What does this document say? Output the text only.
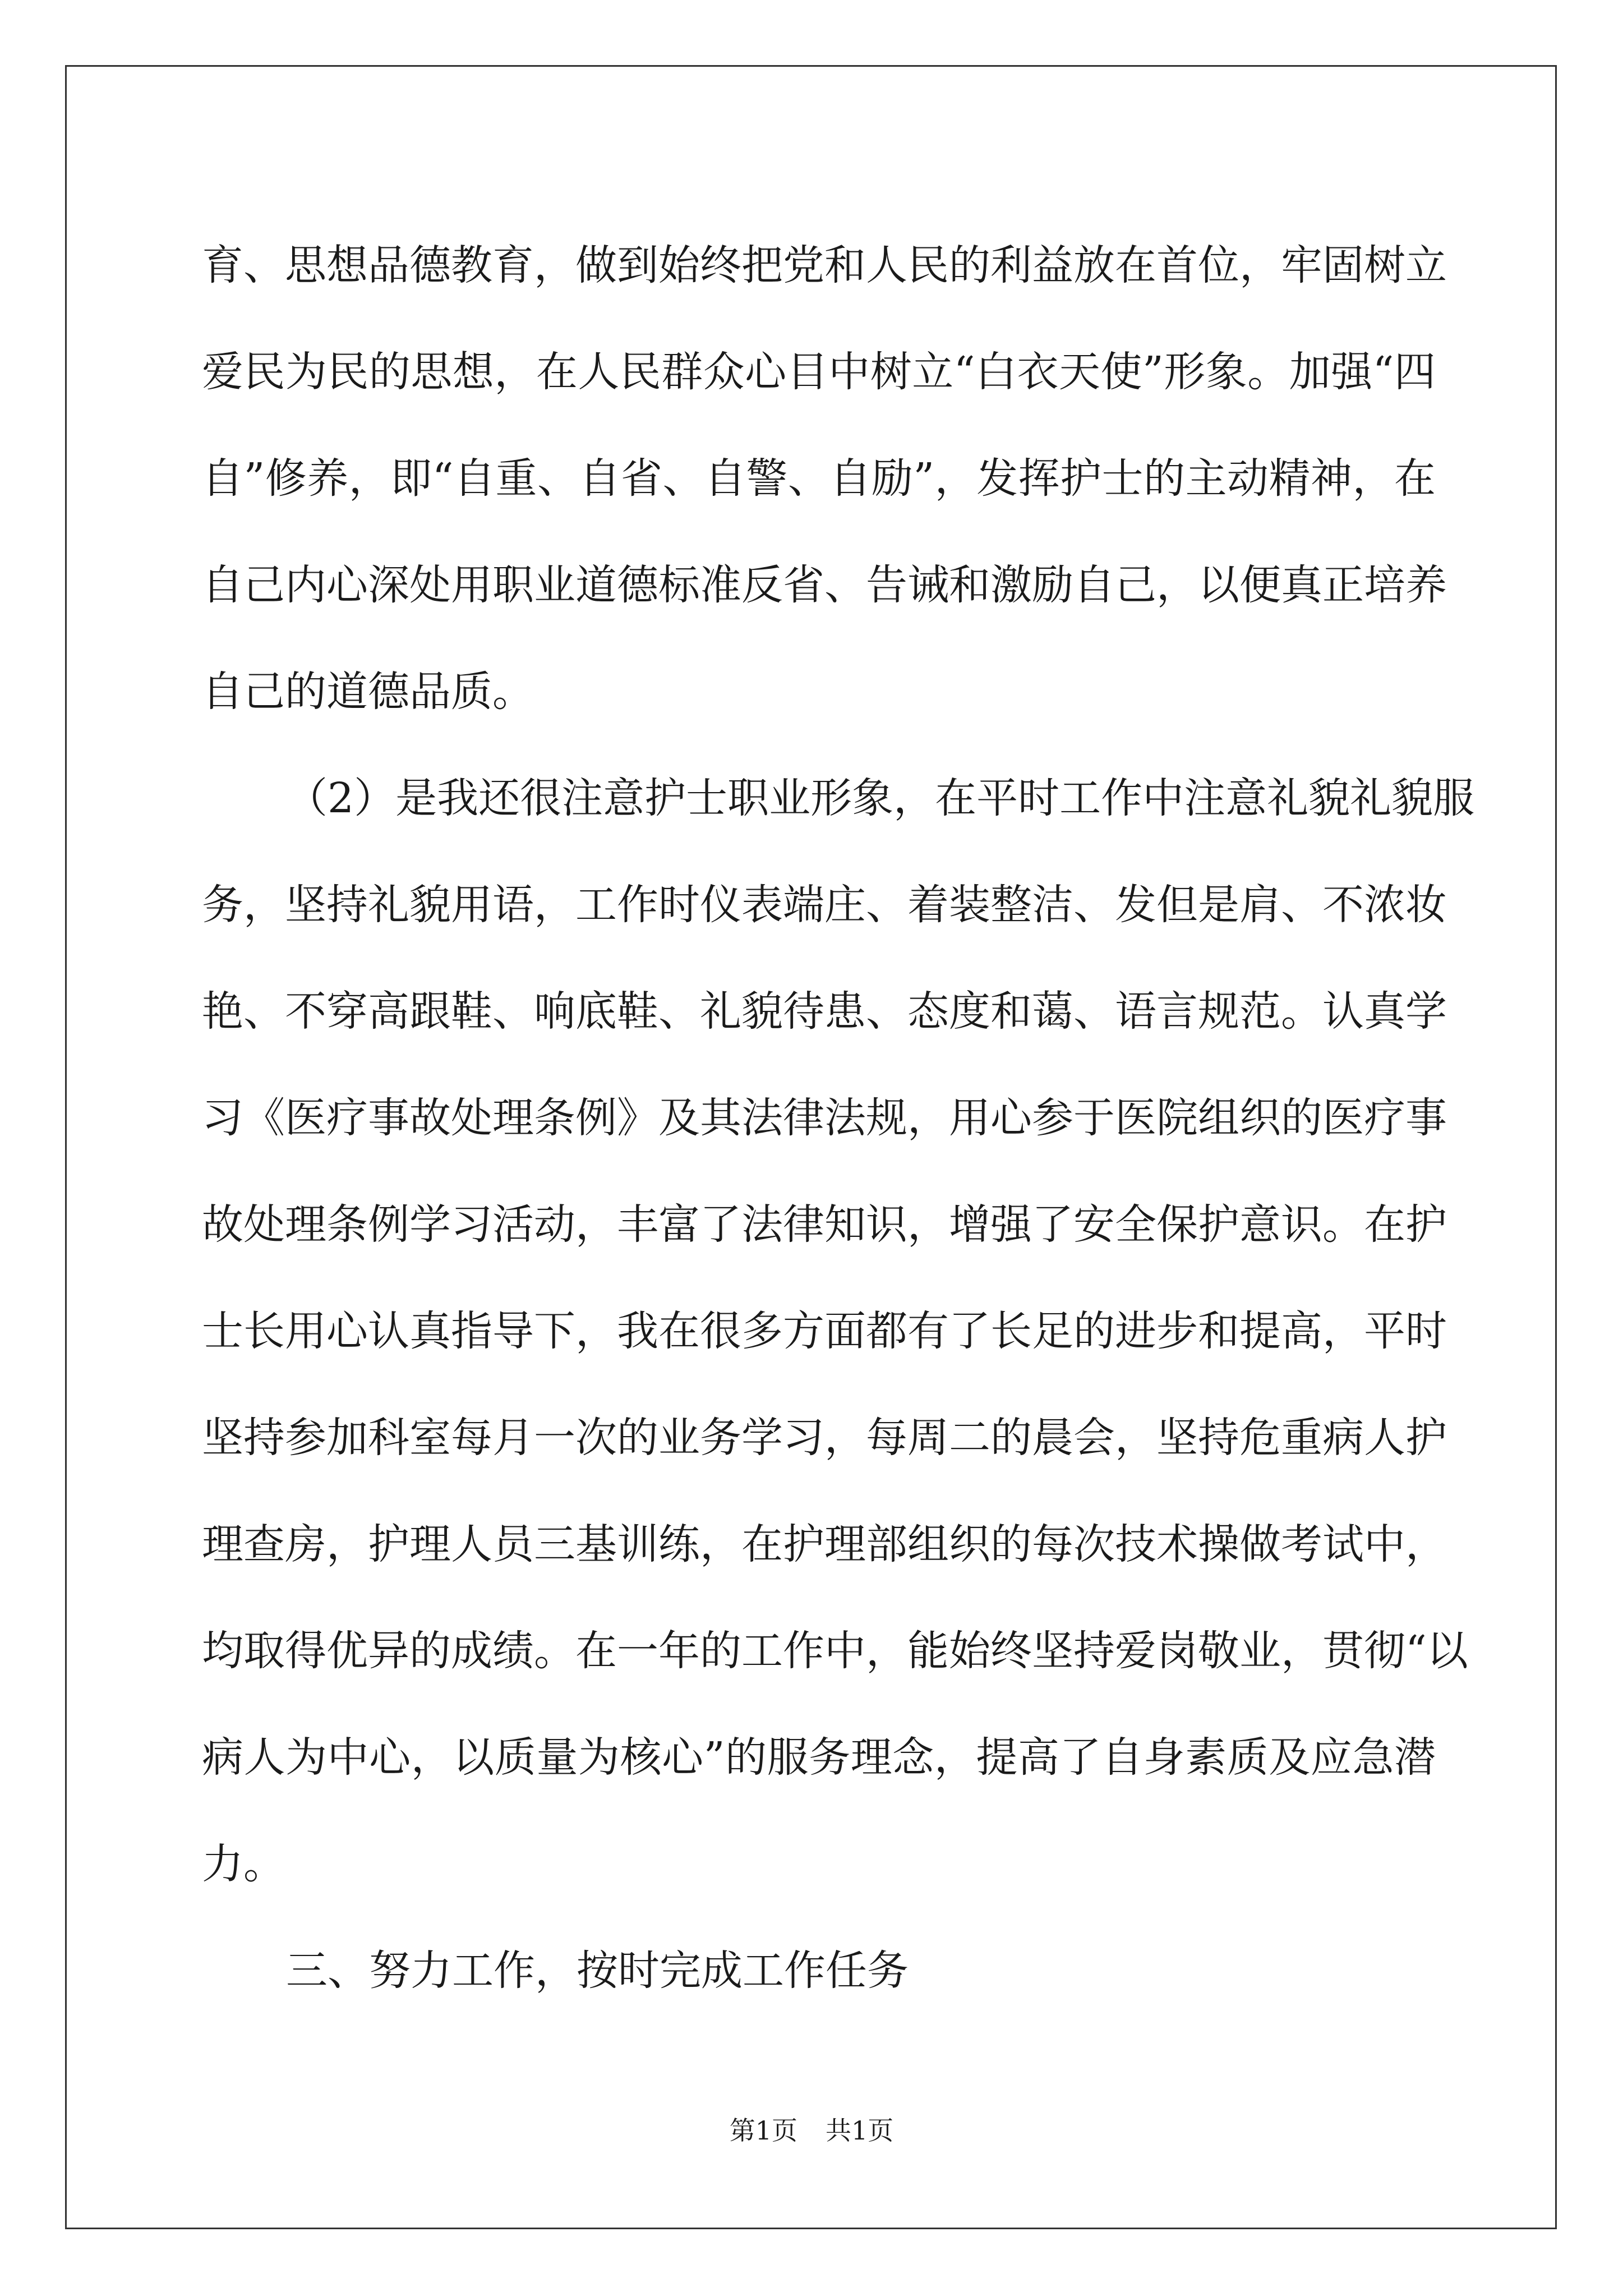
育、思想品德教育，做到始终把党和人民的利益放在首位，牢固树立
爱民为民的思想，在人民群众心目中树立“白衣天使”形象。加强“四
自”修养，即“自重、自省、自警、自励”，发挥护士的主动精神，在
自己内心深处用职业道德标准反省、告诫和激励自己，以便真正培养
自己的道德品质。
（2）是我还很注意护士职业形象，在平时工作中注意礼貌礼貌服
务，坚持礼貌用语，工作时仪表端庄、着装整洁、发但是肩、不浓妆
艳、不穿高跟鞋、响底鞋、礼貌待患、态度和蔼、语言规范。认真学
习《医疗事故处理条例》及其法律法规，用心参于医院组织的医疗事
故处理条例学习活动，丰富了法律知识，增强了安全保护意识。在护
士长用心认真指导下，我在很多方面都有了长足的进步和提高，平时
坚持参加科室每月一次的业务学习，每周二的晨会，坚持危重病人护
理查房，护理人员三基训练，在护理部组织的每次技术操做考试中，
均取得优异的成绩。在一年的工作中，能始终坚持爱岗敬业，贯彻“以
病人为中心，以质量为核心”的服务理念，提高了自身素质及应急潜
力。
三、努力工作，按时完成工作任务
第1页 共1页
